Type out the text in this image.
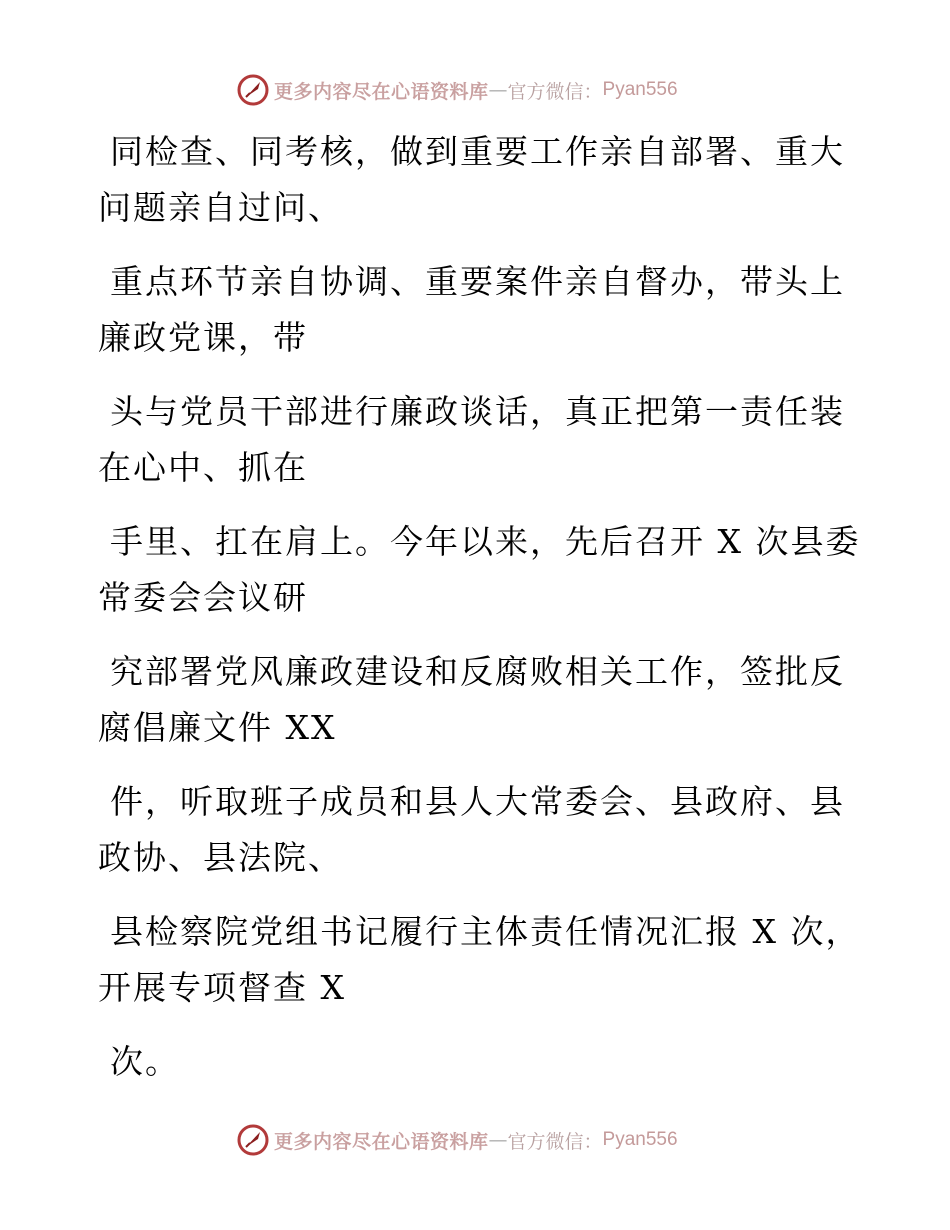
更多内容尽在心语资料库 — 官方微信： Pyan556
同检查、同考核，做到重要工作亲自部署、重大
问题亲自过问、
重点环节亲自协调、重要案件亲自督办，带头上
廉政党课，带
头与党员干部进行廉政谈话，真正把第一责任装
在心中、抓在
手里、扛在肩上。今年以来，先后召开 X 次县委
常委会会议研
究部署党风廉政建设和反腐败相关工作，签批反
腐倡廉文件 XX
件，听取班子成员和县人大常委会、县政府、县
政协、县法院、
县检察院党组书记履行主体责任情况汇报 X 次，
开展专项督查 X
次。
更多内容尽在心语资料库 — 官方微信： Pyan556
